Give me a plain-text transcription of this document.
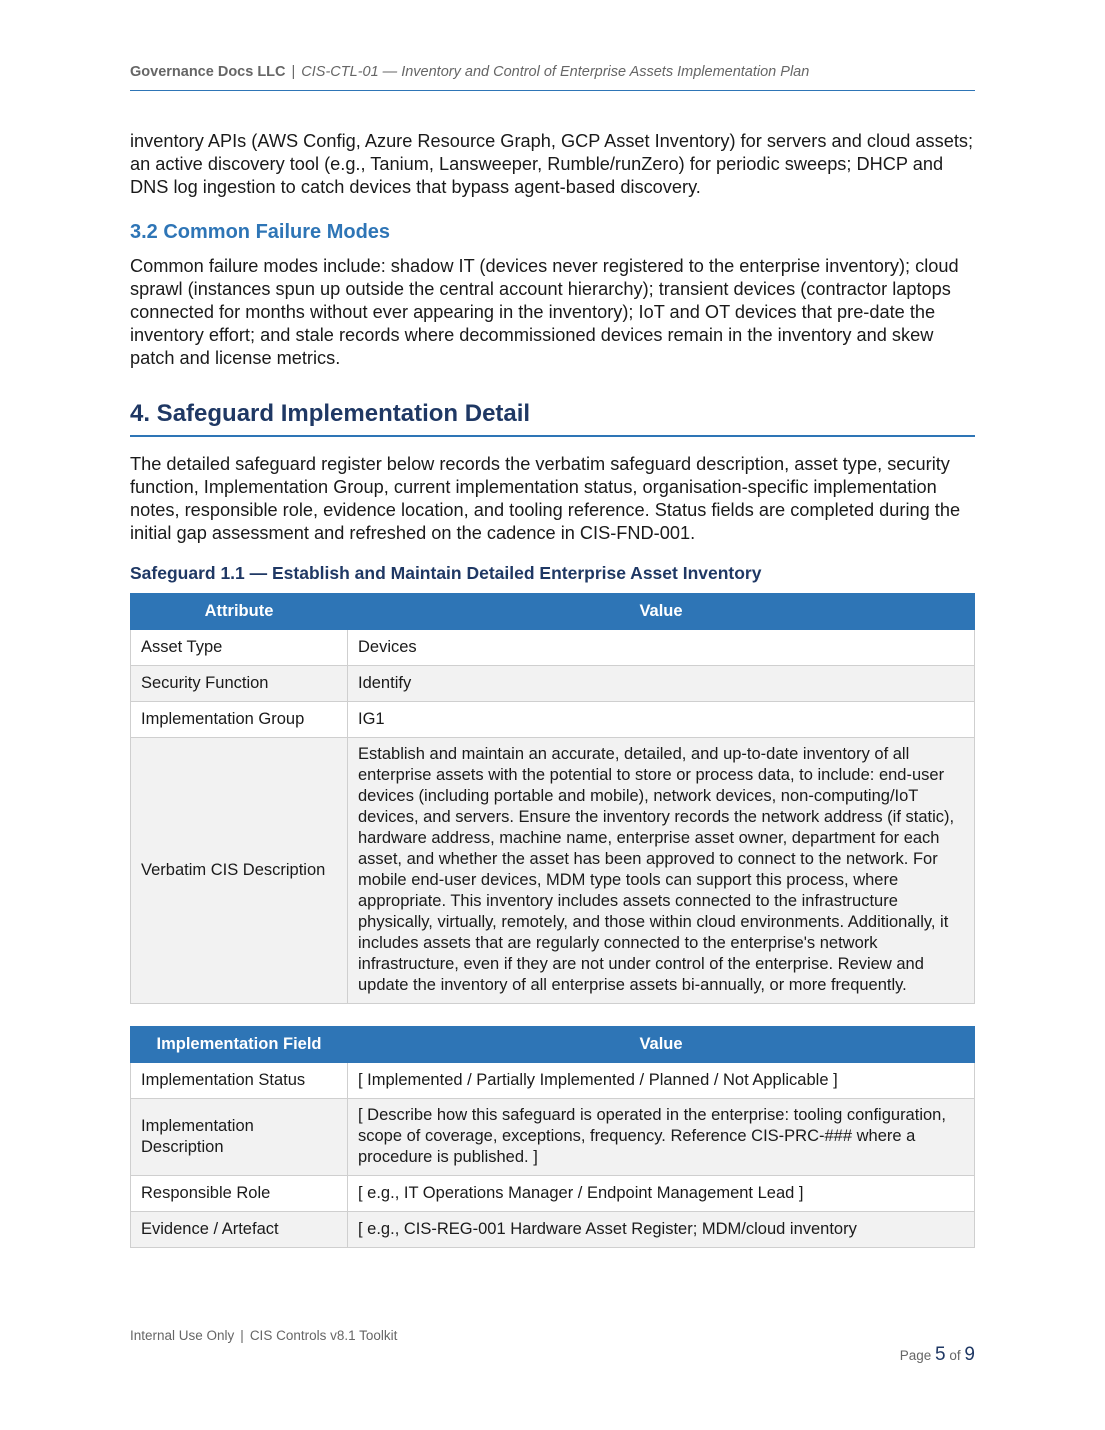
Governance Docs LLC | CIS-CTL-01 — Inventory and Control of Enterprise Assets Implementation Plan

inventory APIs (AWS Config, Azure Resource Graph, GCP Asset Inventory) for servers and cloud assets; an active discovery tool (e.g., Tanium, Lansweeper, Rumble/runZero) for periodic sweeps; DHCP and DNS log ingestion to catch devices that bypass agent-based discovery.

3.2 Common Failure Modes

Common failure modes include: shadow IT (devices never registered to the enterprise inventory); cloud sprawl (instances spun up outside the central account hierarchy); transient devices (contractor laptops connected for months without ever appearing in the inventory); IoT and OT devices that pre-date the inventory effort; and stale records where decommissioned devices remain in the inventory and skew patch and license metrics.

4. Safeguard Implementation Detail

The detailed safeguard register below records the verbatim safeguard description, asset type, security function, Implementation Group, current implementation status, organisation-specific implementation notes, responsible role, evidence location, and tooling reference. Status fields are completed during the initial gap assessment and refreshed on the cadence in CIS-FND-001.

Safeguard 1.1 — Establish and Maintain Detailed Enterprise Asset Inventory
Attribute	Value
Asset Type	Devices
Security Function	Identify
Implementation Group	IG1
Verbatim CIS Description	Establish and maintain an accurate, detailed, and up-to-date inventory of all enterprise assets with the potential to store or process data, to include: end-user devices (including portable and mobile), network devices, non-computing/IoT devices, and servers. Ensure the inventory records the network address (if static), hardware address, machine name, enterprise asset owner, department for each asset, and whether the asset has been approved to connect to the network. For mobile end-user devices, MDM type tools can support this process, where appropriate. This inventory includes assets connected to the infrastructure physically, virtually, remotely, and those within cloud environments. Additionally, it includes assets that are regularly connected to the enterprise's network infrastructure, even if they are not under control of the enterprise. Review and update the inventory of all enterprise assets bi-annually, or more frequently.
Implementation Field	Value
Implementation Status	[ Implemented / Partially Implemented / Planned / Not Applicable ]
Implementation Description	[ Describe how this safeguard is operated in the enterprise: tooling configuration, scope of coverage, exceptions, frequency. Reference CIS-PRC-### where a procedure is published. ]
Responsible Role	[ e.g., IT Operations Manager / Endpoint Management Lead ]
Evidence / Artefact	[ e.g., CIS-REG-001 Hardware Asset Register; MDM/cloud inventory
Internal Use Only | CIS Controls v8.1 Toolkit
Page 5 of 9
